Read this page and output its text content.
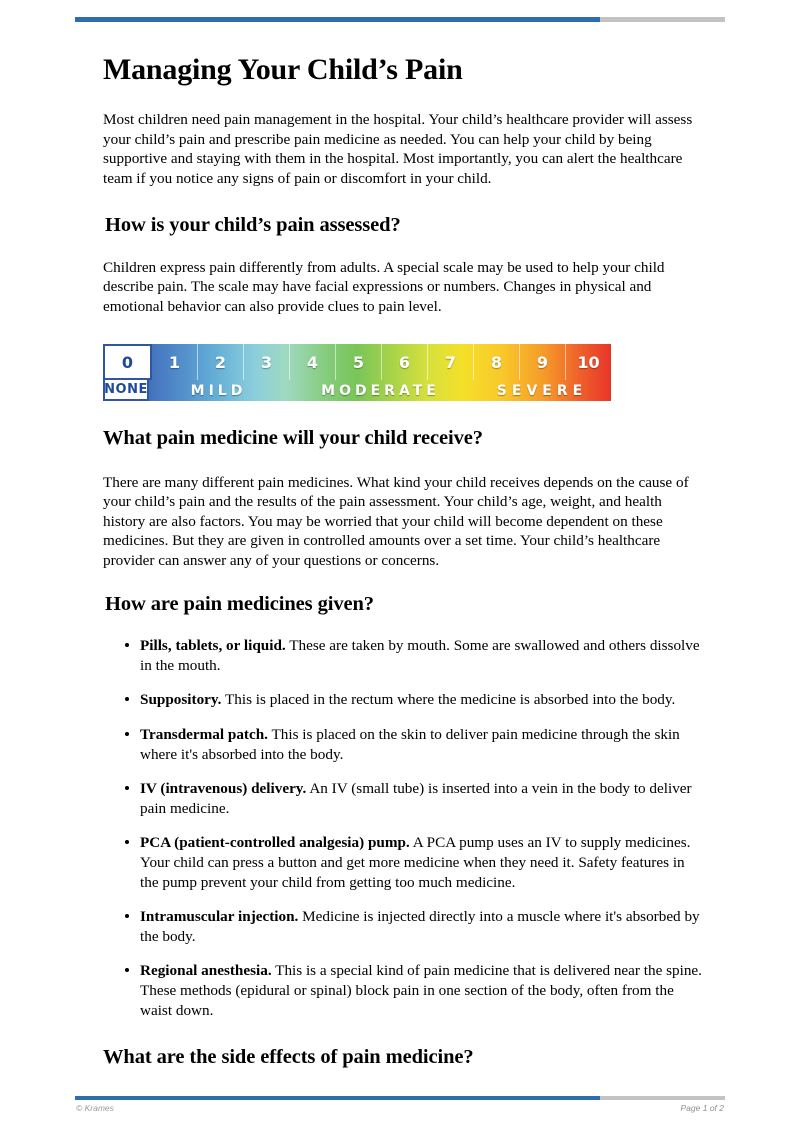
Managing Your Child’s Pain

Most children need pain management in the hospital. Your child’s healthcare provider will assess your child’s pain and prescribe pain medicine as needed. You can help your child by being supportive and staying with them in the hospital. Most importantly, you can alert the healthcare team if you notice any signs of pain or discomfort in your child.

How is your child’s pain assessed?

Children express pain differently from adults. A special scale may be used to help your child describe pain. The scale may have facial expressions or numbers. Changes in physical and emotional behavior can also provide clues to pain level.

0	1	2	3	4	5	6	7	8	9	10
NONE	MILD	MODERATE	SEVERE
What pain medicine will your child receive?

There are many different pain medicines. What kind your child receives depends on the cause of your child’s pain and the results of the pain assessment. Your child’s age, weight, and health history are also factors. You may be worried that your child will become dependent on these medicines. But they are given in controlled amounts over a set time. Your child’s healthcare provider can answer any of your questions or concerns.

How are pain medicines given?
Pills, tablets, or liquid. These are taken by mouth. Some are swallowed and others dissolve in the mouth.
Suppository. This is placed in the rectum where the medicine is absorbed into the body.
Transdermal patch. This is placed on the skin to deliver pain medicine through the skin where it's absorbed into the body.
IV (intravenous) delivery. An IV (small tube) is inserted into a vein in the body to deliver pain medicine.
PCA (patient-controlled analgesia) pump. A PCA pump uses an IV to supply medicines. Your child can press a button and get more medicine when they need it. Safety features in the pump prevent your child from getting too much medicine.
Intramuscular injection. Medicine is injected directly into a muscle where it's absorbed by the body.
Regional anesthesia. This is a special kind of pain medicine that is delivered near the spine. These methods (epidural or spinal) block pain in one section of the body, often from the waist down.
What are the side effects of pain medicine?
© Krames	Page 1 of 2
